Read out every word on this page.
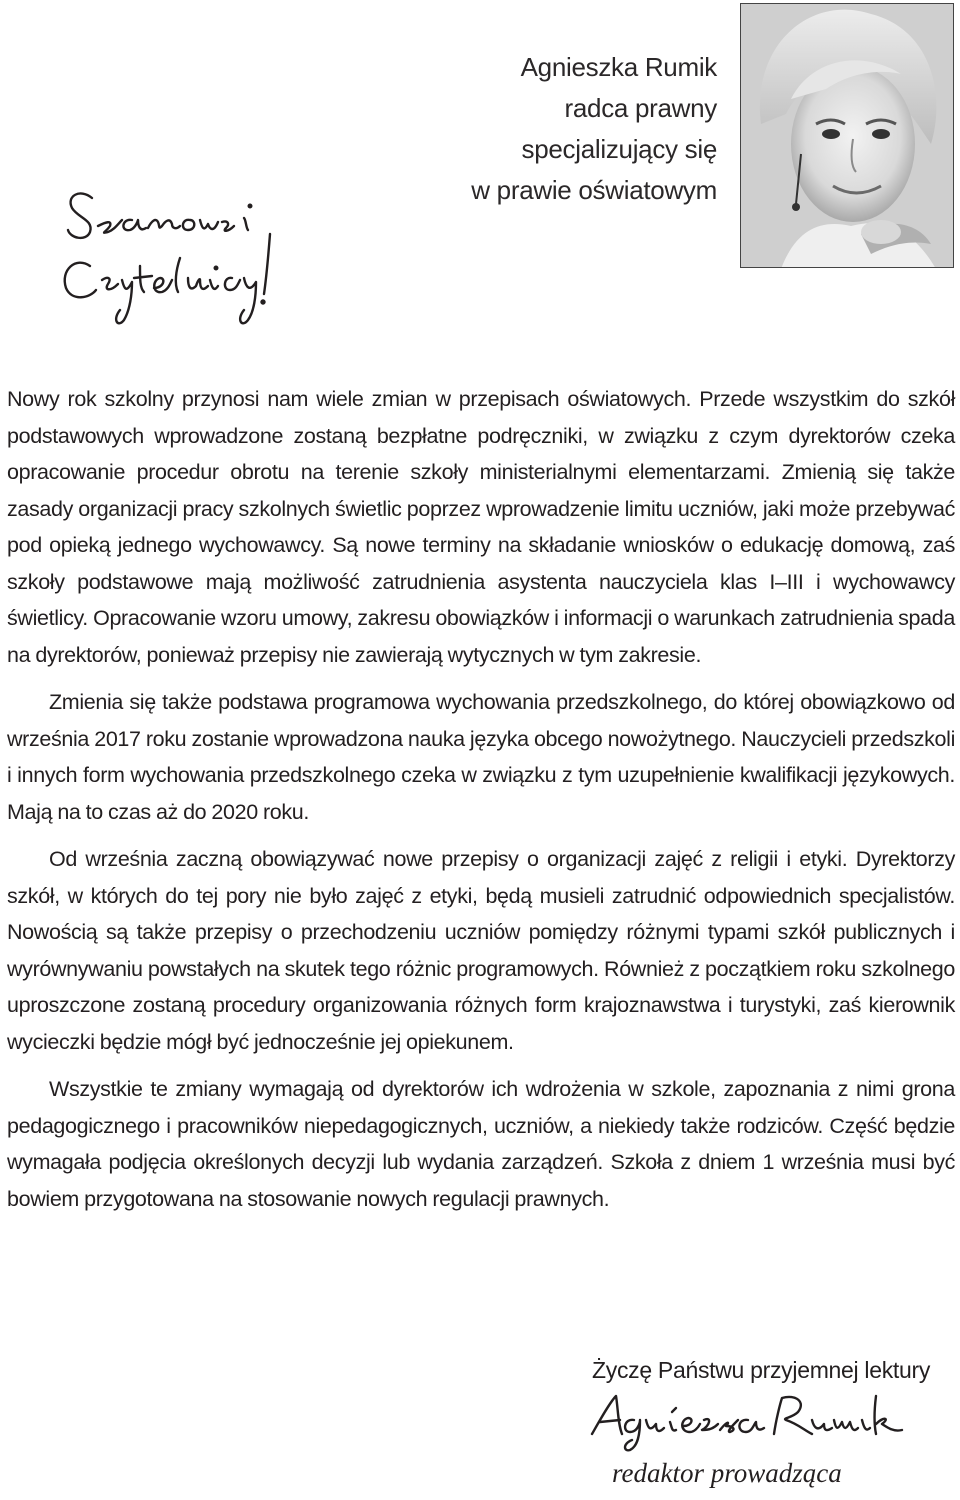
Agnieszka Rumik
radca prawny
specjalizujący się
w prawie oświatowym

Nowy rok szkolny przynosi nam wiele zmian w przepisach oświatowych. Przede wszystkim do szkół podstawowych wprowadzone zostaną bezpłatne podręczniki, w związku z czym dyrektorów czeka opracowanie procedur obrotu na terenie szkoły ministerialnymi elementarzami. Zmienią się także zasady organizacji pracy szkolnych świetlic poprzez wprowadzenie limitu uczniów, jaki może przebywać pod opieką jednego wychowawcy. Są nowe terminy na składanie wniosków o edukację domową, zaś szkoły podstawowe mają możliwość zatrudnienia asystenta nauczyciela klas I–III i wychowawcy świetlicy. Opracowanie wzoru umowy, zakresu obowiązków i informacji o warunkach zatrudnienia spada na dyrektorów, ponieważ przepisy nie zawierają wytycznych w tym zakresie.

Zmienia się także podstawa programowa wychowania przedszkolnego, do której obowiązkowo od września 2017 roku zostanie wprowadzona nauka języka obcego nowożytnego. Nauczycieli przedszkoli i innych form wychowania przedszkolnego czeka w związku z tym uzupełnienie kwalifikacji językowych. Mają na to czas aż do 2020 roku.

Od września zaczną obowiązywać nowe przepisy o organizacji zajęć z religii i etyki. Dyrektorzy szkół, w których do tej pory nie było zajęć z etyki, będą musieli zatrudnić odpowiednich specjalistów. Nowością są także przepisy o przechodzeniu uczniów pomiędzy różnymi typami szkół publicznych i wyrównywaniu powstałych na skutek tego różnic programowych. Również z początkiem roku szkolnego uproszczone zostaną procedury organizowania różnych form krajoznawstwa i turystyki, zaś kierownik wycieczki będzie mógł być jednocześnie jej opiekunem.

Wszystkie te zmiany wymagają od dyrektorów ich wdrożenia w szkole, zapoznania z nimi grona pedagogicznego i pracowników niepedagogicznych, uczniów, a niekiedy także rodziców. Część będzie wymagała podjęcia określonych decyzji lub wydania zarządzeń. Szkoła z dniem 1 września musi być bowiem przygotowana na stosowanie nowych regulacji prawnych.

Życzę Państwu przyjemnej lektury
redaktor prowadząca
